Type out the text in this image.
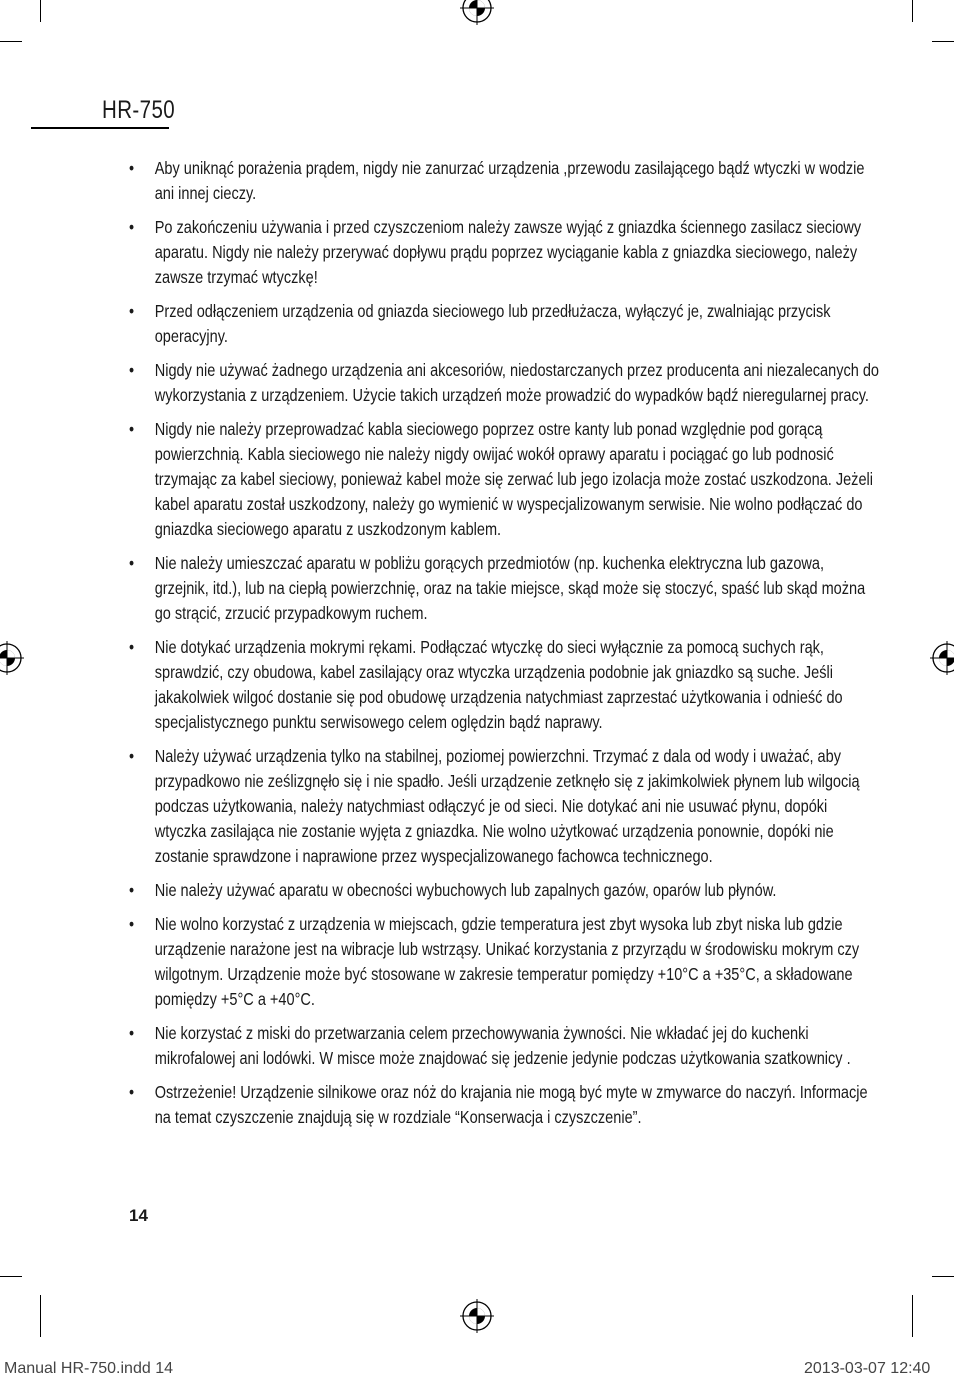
HR-750
• Aby uniknąć porażenia prądem, nigdy nie zanurzać urządzenia ,przewodu zasilającego bądź wtyczki w wodzie ani innej cieczy.
• Po zakończeniu używania i przed czyszczeniom należy zawsze wyjąć z gniazdka ściennego zasilacz sieciowy aparatu. Nigdy nie należy przerywać dopływu prądu poprzez wyciąganie kabla z gniazdka sieciowego, należy zawsze trzymać wtyczkę!
• Przed odłączeniem urządzenia od gniazda sieciowego lub przedłużacza, wyłączyć je, zwalniając przycisk operacyjny.
• Nigdy nie używać żadnego urządzenia ani akcesoriów, niedostarczanych przez producenta ani niezalecanych do wykorzystania z urządzeniem. Użycie takich urządzeń może prowadzić do wypadków bądź nieregularnej pracy.
• Nigdy nie należy przeprowadzać kabla sieciowego poprzez ostre kanty lub ponad względnie pod gorącą powierzchnią. Kabla sieciowego nie należy nigdy owijać wokół oprawy aparatu i pociągać go lub podnosić trzymając za kabel sieciowy, ponieważ kabel może się zerwać lub jego izolacja może zostać uszkodzona. Jeżeli kabel aparatu został uszkodzony, należy go wymienić w wyspecjalizowanym serwisie. Nie wolno podłączać do gniazdka sieciowego aparatu z uszkodzonym kablem.
• Nie należy umieszczać aparatu w pobliżu gorących przedmiotów (np. kuchenka elektryczna lub gazowa, grzejnik, itd.), lub na ciepłą powierzchnię, oraz na takie miejsce, skąd może się stoczyć, spaść lub skąd można go strącić, zrzucić przypadkowym ruchem.
• Nie dotykać urządzenia mokrymi rękami. Podłączać wtyczkę do sieci wyłącznie za pomocą suchych rąk, sprawdzić, czy obudowa, kabel zasilający oraz wtyczka urządzenia podobnie jak gniazdko są suche. Jeśli jakakolwiek wilgoć dostanie się pod obudowę urządzenia natychmiast zaprzestać użytkowania i odnieść do specjalistycznego punktu serwisowego celem oględzin bądź naprawy.
• Należy używać urządzenia tylko na stabilnej, poziomej powierzchni. Trzymać z dala od wody i uważać, aby przypadkowo nie ześlizgnęło się i nie spadło. Jeśli urządzenie zetknęło się z jakimkolwiek płynem lub wilgocią podczas użytkowania, należy natychmiast odłączyć je od sieci. Nie dotykać ani nie usuwać płynu, dopóki wtyczka zasilająca nie zostanie wyjęta z gniazdka. Nie wolno użytkować urządzenia ponownie, dopóki nie zostanie sprawdzone i naprawione przez wyspecjalizowanego fachowca technicznego.
• Nie należy używać aparatu w obecności wybuchowych lub zapalnych gazów, oparów lub płynów.
• Nie wolno korzystać z urządzenia w miejscach, gdzie temperatura jest zbyt wysoka lub zbyt niska lub gdzie urządzenie narażone jest na wibracje lub wstrząsy. Unikać korzystania z przyrządu w środowisku mokrym czy wilgotnym. Urządzenie może być stosowane w zakresie temperatur pomiędzy +10°C a +35°C, a składowane pomiędzy +5°C a +40°C.
• Nie korzystać z miski do przetwarzania celem przechowywania żywności. Nie wkładać jej do kuchenki mikrofalowej ani lodówki. W misce może znajdować się jedzenie jedynie podczas użytkowania szatkownicy .
• Ostrzeżenie! Urządzenie silnikowe oraz nóż do krajania nie mogą być myte w zmywarce do naczyń. Informacje na temat czyszczenie znajdują się w rozdziale “Konserwacja i czyszczenie”.
14
Manual HR-750.indd 14	2013-03-07 12:40
